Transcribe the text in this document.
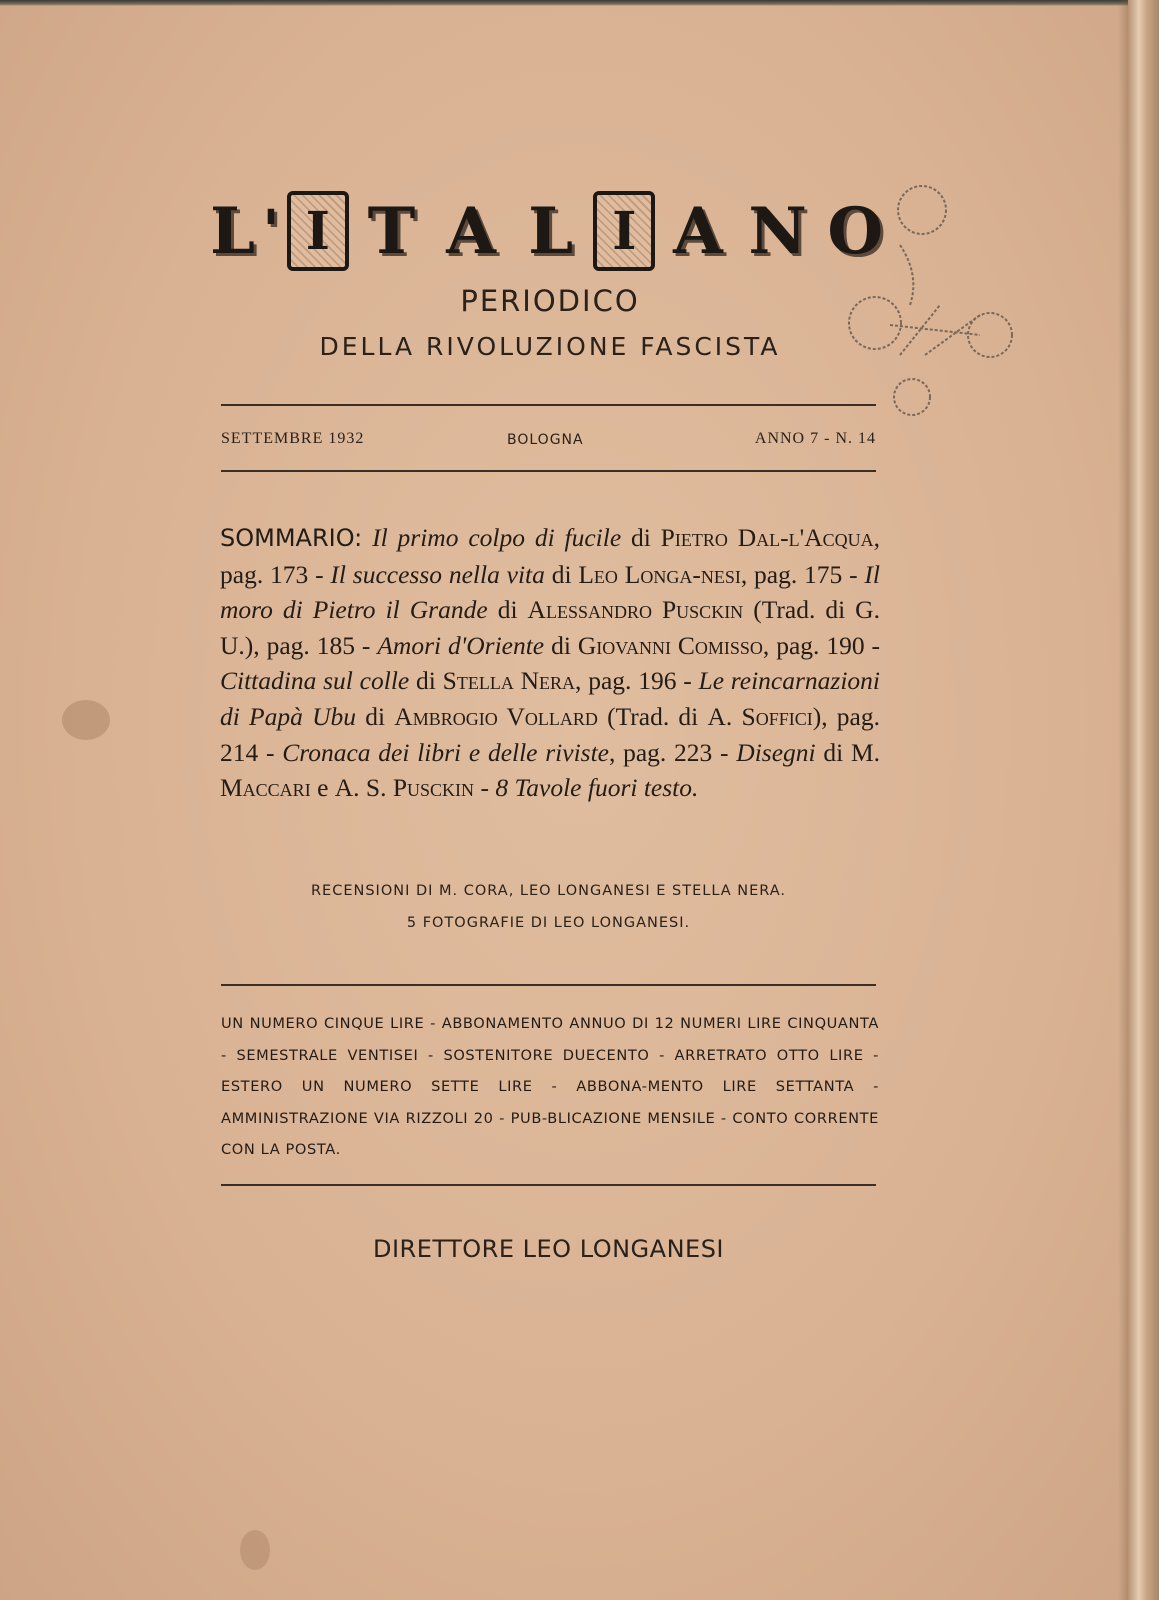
L ' I T A L I A N O
PERIODICO
DELLA RIVOLUZIONE FASCISTA
SETTEMBRE 1932	BOLOGNA	ANNO 7 - N. 14
SOMMARIO: Il primo colpo di fucile di Pietro Dal-l'Acqua, pag. 173 - Il successo nella vita di Leo Longa-nesi, pag. 175 - Il moro di Pietro il Grande di Alessandro Pusckin (Trad. di G. U.), pag. 185 - Amori d'Oriente di Giovanni Comisso, pag. 190 - Cittadina sul colle di Stella Nera, pag. 196 - Le reincarnazioni di Papà Ubu di Ambrogio Vollard (Trad. di A. Soffici), pag. 214 - Cronaca dei libri e delle riviste, pag. 223 - Disegni di M. Maccari e A. S. Pusckin - 8 Tavole fuori testo.
RECENSIONI DI M. CORA, LEO LONGANESI E STELLA NERA.
5 FOTOGRAFIE DI LEO LONGANESI.
UN NUMERO CINQUE LIRE - ABBONAMENTO ANNUO DI 12 NUMERI LIRE CINQUANTA - SEMESTRALE VENTISEI - SOSTENITORE DUECENTO - ARRETRATO OTTO LIRE - ESTERO UN NUMERO SETTE LIRE - ABBONA-MENTO LIRE SETTANTA - AMMINISTRAZIONE VIA RIZZOLI 20 - PUB-BLICAZIONE MENSILE - CONTO CORRENTE CON LA POSTA.
DIRETTORE LEO LONGANESI
